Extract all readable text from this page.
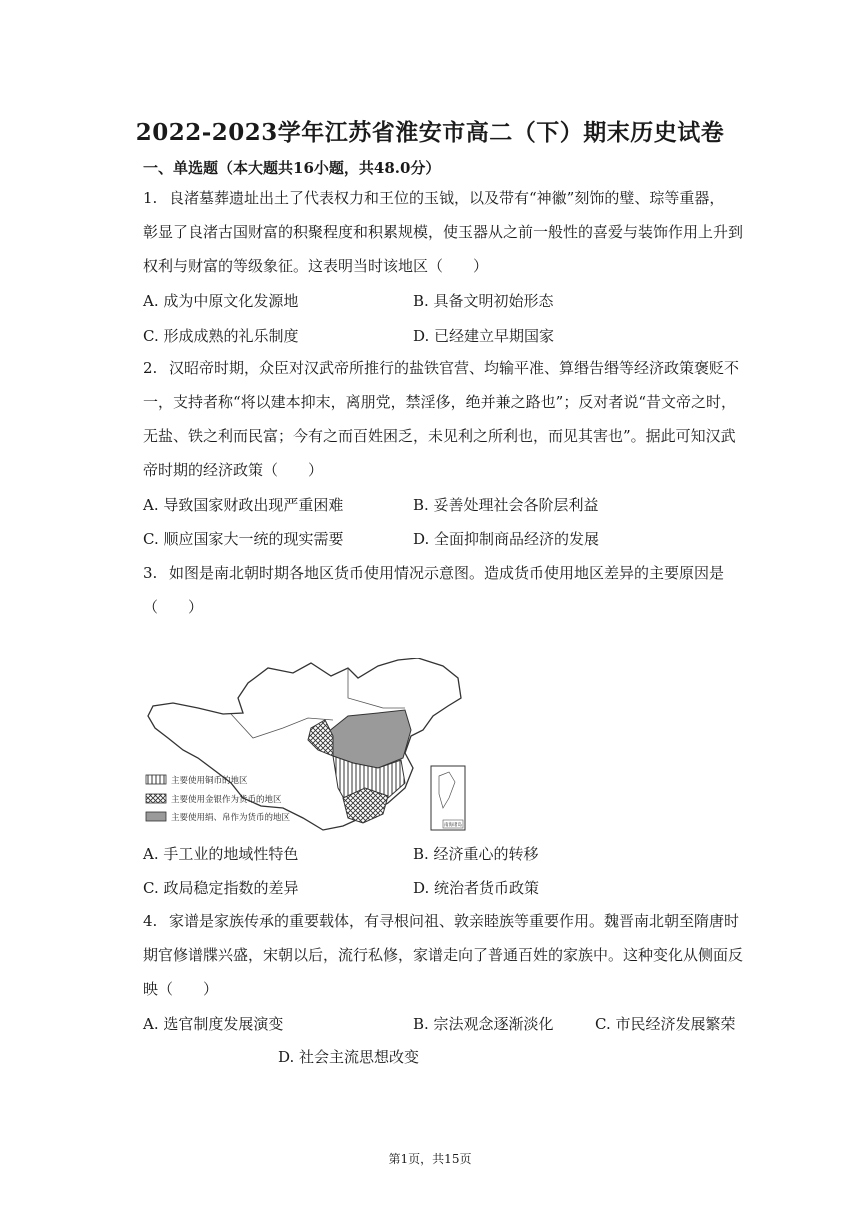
2022-2023学年江苏省淮安市高二（下）期末历史试卷
一、单选题（本大题共16小题，共48.0分）
1. 良渚墓葬遗址出土了代表权力和王位的玉钺，以及带有“神徽”刻饰的璧、琮等重器，
彰显了良渚古国财富的积聚程度和积累规模，使玉器从之前一般性的喜爱与装饰作用上升到
权利与财富的等级象征。这表明当时该地区（　　）
A. 成为中原文化发源地	B. 具备文明初始形态
C. 形成成熟的礼乐制度	D. 已经建立早期国家
2. 汉昭帝时期，众臣对汉武帝所推行的盐铁官营、均输平准、算缗告缗等经济政策褒贬不
一，支持者称“将以建本抑末，离朋党，禁淫侈，绝并兼之路也”；反对者说“昔文帝之时，
无盐、铁之利而民富；今有之而百姓困乏，未见利之所利也，而见其害也”。据此可知汉武
帝时期的经济政策（　　）
A. 导致国家财政出现严重困难	B. 妥善处理社会各阶层利益
C. 顺应国家大一统的现实需要	D. 全面抑制商品经济的发展
3. 如图是南北朝时期各地区货币使用情况示意图。造成货币使用地区差异的主要原因是
（　　）
南海诸岛
主要使用铜币的地区
主要使用金银作为货币的地区
主要使用绢、帛作为货币的地区
A. 手工业的地域性特色	B. 经济重心的转移
C. 政局稳定指数的差异	D. 统治者货币政策
4. 家谱是家族传承的重要载体，有寻根问祖、敦亲睦族等重要作用。魏晋南北朝至隋唐时
期官修谱牒兴盛，宋朝以后，流行私修，家谱走向了普通百姓的家族中。这种变化从侧面反
映（　　）
A. 选官制度发展演变	B. 宗法观念逐渐淡化	C. 市民经济发展繁荣
D. 社会主流思想改变
第1页，共15页
